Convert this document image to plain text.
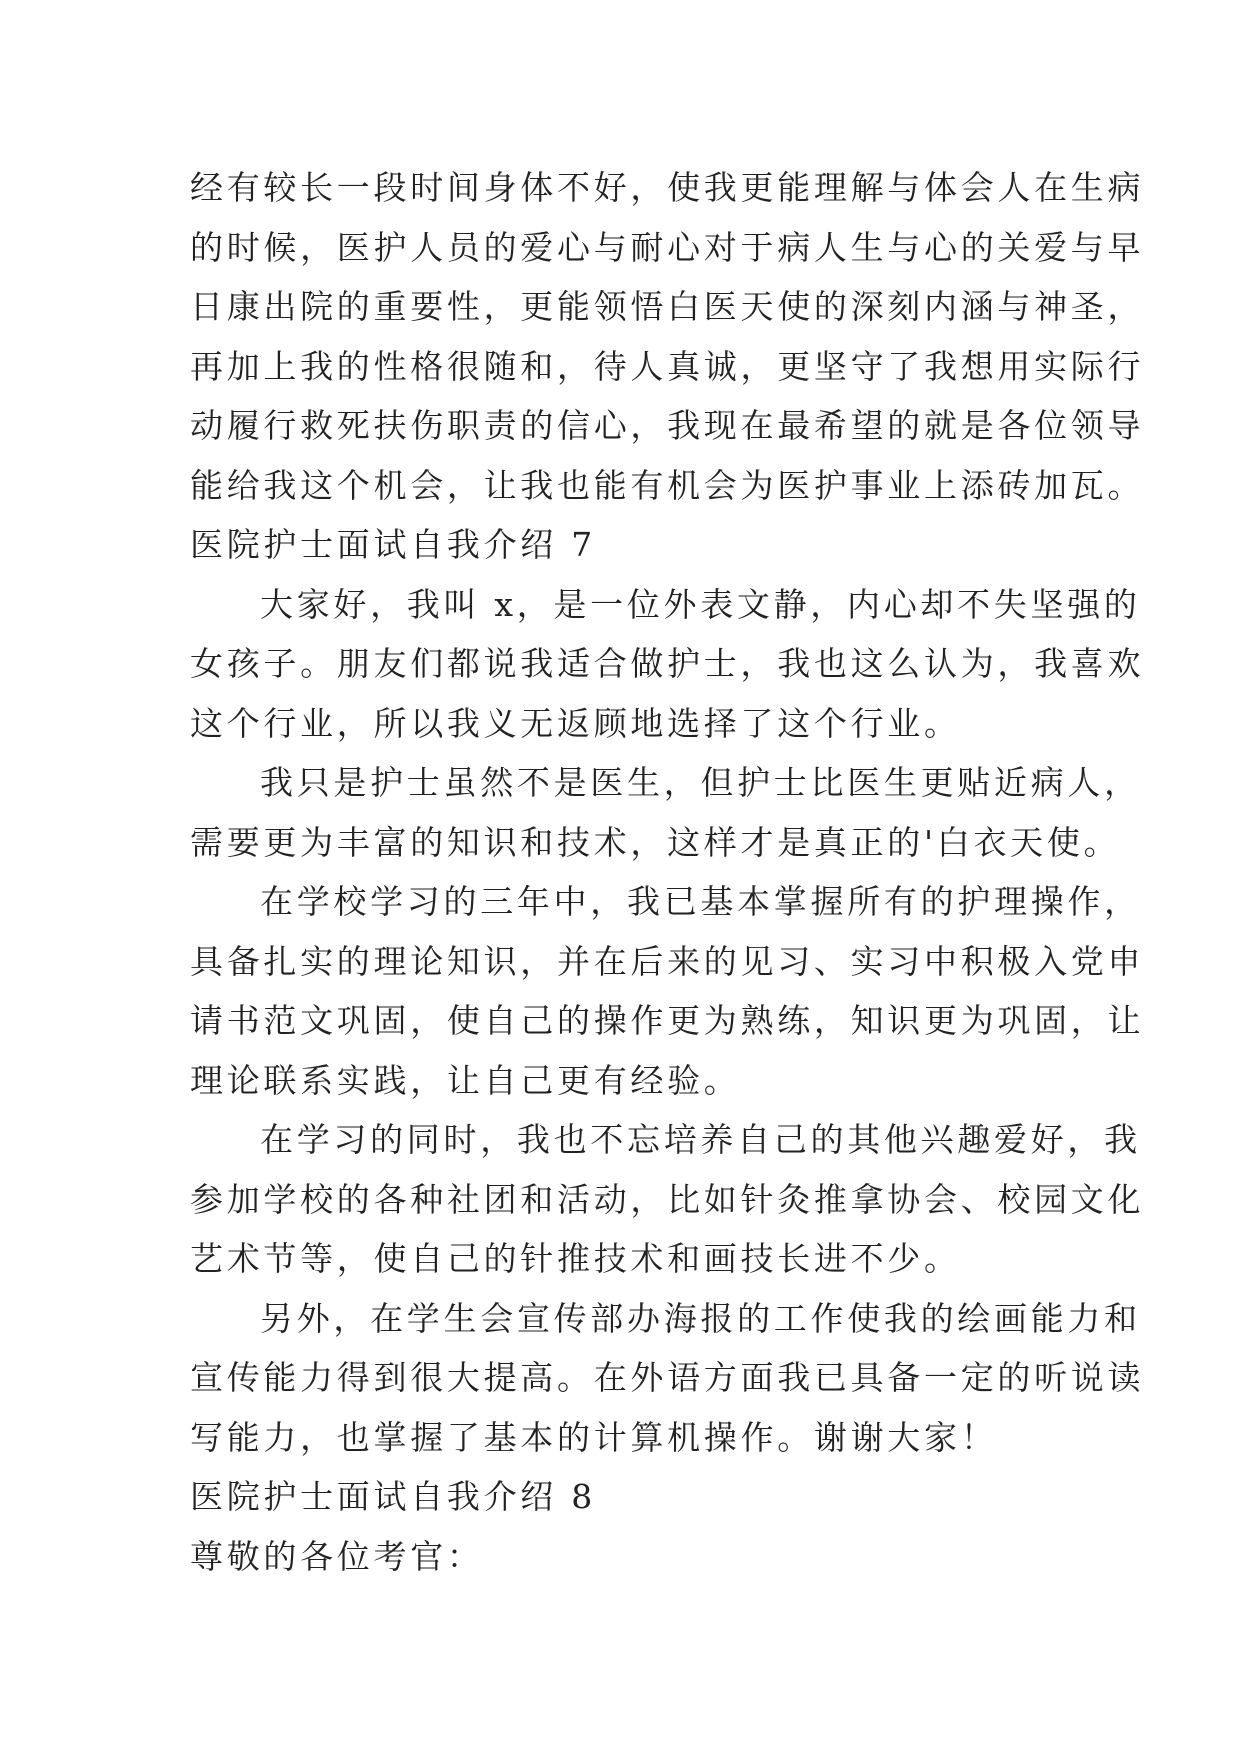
经有较长一段时间身体不好，使我更能理解与体会人在生病
的时候，医护人员的爱心与耐心对于病人生与心的关爱与早
日康出院的重要性，更能领悟白医天使的深刻内涵与神圣，
再加上我的性格很随和，待人真诚，更坚守了我想用实际行
动履行救死扶伤职责的信心，我现在最希望的就是各位领导
能给我这个机会，让我也能有机会为医护事业上添砖加瓦。
医院护士面试自我介绍 7
大家好，我叫 x，是一位外表文静，内心却不失坚强的
女孩子。朋友们都说我适合做护士，我也这么认为，我喜欢
这个行业，所以我义无返顾地选择了这个行业。
我只是护士虽然不是医生，但护士比医生更贴近病人，
需要更为丰富的知识和技术，这样才是真正的'白衣天使。
在学校学习的三年中，我已基本掌握所有的护理操作，
具备扎实的理论知识，并在后来的见习、实习中积极入党申
请书范文巩固，使自己的操作更为熟练，知识更为巩固，让
理论联系实践，让自己更有经验。
在学习的同时，我也不忘培养自己的其他兴趣爱好，我
参加学校的各种社团和活动，比如针灸推拿协会、校园文化
艺术节等，使自己的针推技术和画技长进不少。
另外，在学生会宣传部办海报的工作使我的绘画能力和
宣传能力得到很大提高。在外语方面我已具备一定的听说读
写能力，也掌握了基本的计算机操作。谢谢大家！
医院护士面试自我介绍 8
尊敬的各位考官：
